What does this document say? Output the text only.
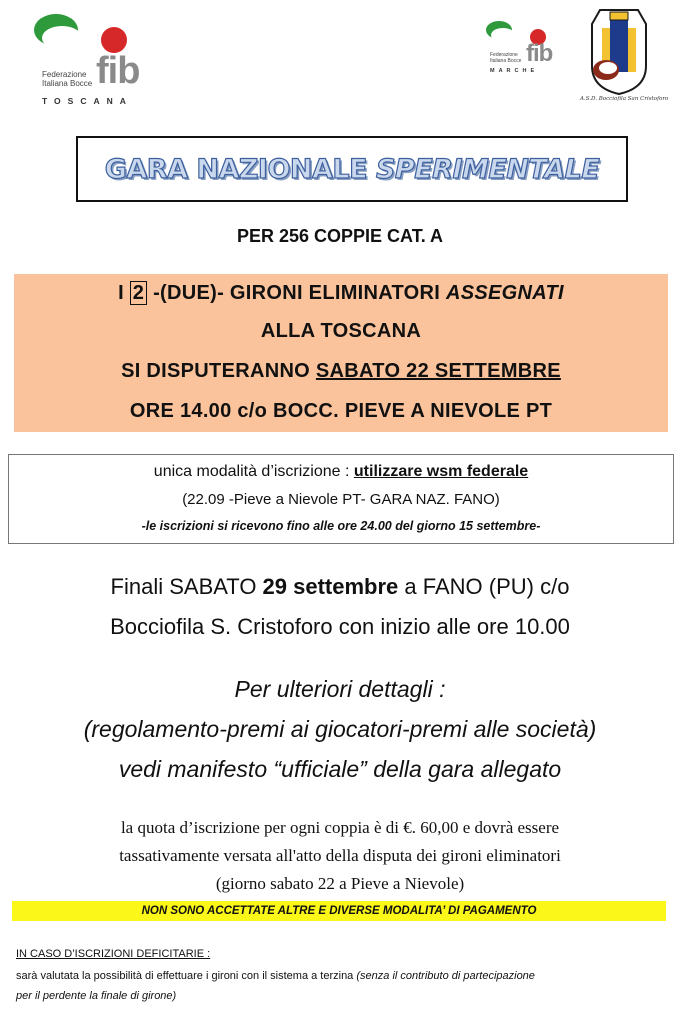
Federazione
Italiana Bocce fib
TOSCANA
Federazione
Italiana Bocce fib
MARCHE
A.S.D. Bocciofila San Cristoforo
GARA NAZIONALE SPERIMENTALE
PER 256 COPPIE CAT. A
I 2 -(DUE)- GIRONI ELIMINATORI ASSEGNATI
ALLA TOSCANA
SI DISPUTERANNO SABATO 22 SETTEMBRE
ORE 14.00 c/o BOCC. PIEVE A NIEVOLE PT
unica modalità d’iscrizione : utilizzare wsm federale
(22.09 -Pieve a Nievole PT- GARA NAZ. FANO)
-le iscrizioni si ricevono fino alle ore 24.00 del giorno 15 settembre-
Finali SABATO 29 settembre a FANO (PU) c/o
Bocciofila S. Cristoforo con inizio alle ore 10.00
Per ulteriori dettagli :
(regolamento-premi ai giocatori-premi alle società)
vedi manifesto “ufficiale” della gara allegato
la quota d’iscrizione per ogni coppia è di €. 60,00 e dovrà essere
tassativamente versata all'atto della disputa dei gironi eliminatori
(giorno sabato 22 a Pieve a Nievole)
NON SONO ACCETTATE ALTRE E DIVERSE MODALITA’ DI PAGAMENTO
IN CASO D’ISCRIZIONI DEFICITARIE :
sarà valutata la possibilità di effettuare i gironi con il sistema a terzina (senza il contributo di partecipazione
per il perdente la finale di girone)
